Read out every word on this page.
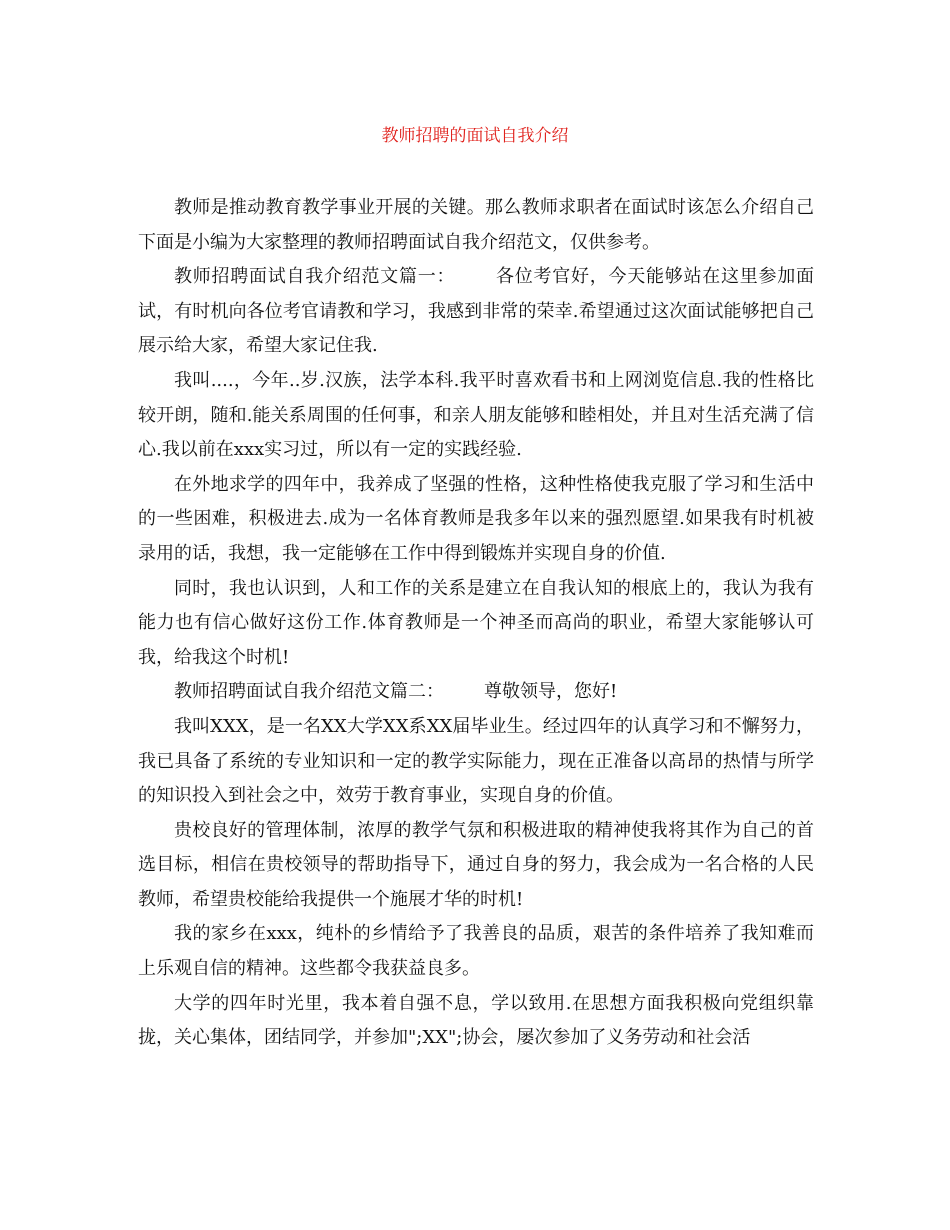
教师招聘的面试自我介绍

教师是推动教育教学事业开展的关键。那么教师求职者在面试时该怎么介绍自己下面是小编为大家整理的教师招聘面试自我介绍范文，仅供参考。

教师招聘面试自我介绍范文篇一： 各位考官好，今天能够站在这里参加面试，有时机向各位考官请教和学习，我感到非常的荣幸.希望通过这次面试能够把自己展示给大家，希望大家记住我.

我叫....，今年..岁.汉族，法学本科.我平时喜欢看书和上网浏览信息.我的性格比较开朗，随和.能关系周围的任何事，和亲人朋友能够和睦相处，并且对生活充满了信心.我以前在xxx实习过，所以有一定的实践经验.

在外地求学的四年中，我养成了坚强的性格，这种性格使我克服了学习和生活中的一些困难，积极进去.成为一名体育教师是我多年以来的强烈愿望.如果我有时机被录用的话，我想，我一定能够在工作中得到锻炼并实现自身的价值.

同时，我也认识到，人和工作的关系是建立在自我认知的根底上的，我认为我有能力也有信心做好这份工作.体育教师是一个神圣而高尚的职业，希望大家能够认可我，给我这个时机!

教师招聘面试自我介绍范文篇二： 尊敬领导，您好!

我叫XXX，是一名XX大学XX系XX届毕业生。经过四年的认真学习和不懈努力，我已具备了系统的专业知识和一定的教学实际能力，现在正准备以高昂的热情与所学的知识投入到社会之中，效劳于教育事业，实现自身的价值。

贵校良好的管理体制，浓厚的教学气氛和积极进取的精神使我将其作为自己的首选目标，相信在贵校领导的帮助指导下，通过自身的努力，我会成为一名合格的人民教师，希望贵校能给我提供一个施展才华的时机!

我的家乡在xxx，纯朴的乡情给予了我善良的品质，艰苦的条件培养了我知难而上乐观自信的精神。这些都令我获益良多。

大学的四年时光里，我本着自强不息，学以致用.在思想方面我积极向党组织靠拢，关心集体，团结同学，并参加";XX";协会，屡次参加了义务劳动和社会活
